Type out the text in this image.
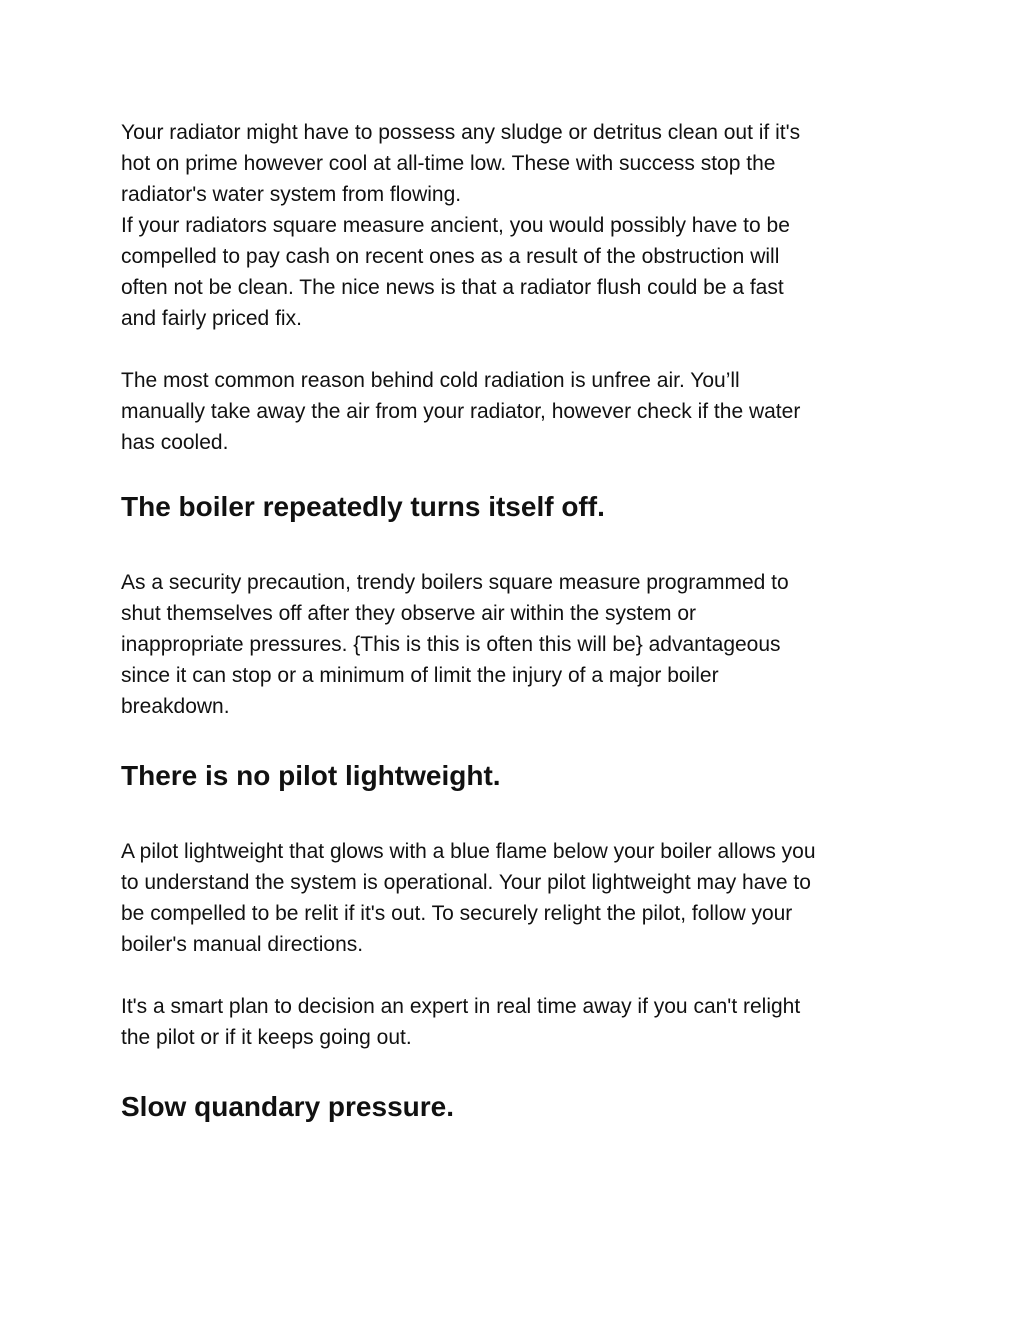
Your radiator might have to possess any sludge or detritus clean out if it's
hot on prime however cool at all-time low. These with success stop the
radiator's water system from flowing.
If your radiators square measure ancient, you would possibly have to be
compelled to pay cash on recent ones as a result of the obstruction will
often not be clean. The nice news is that a radiator flush could be a fast
and fairly priced fix.

The most common reason behind cold radiation is unfree air. You’ll
manually take away the air from your radiator, however check if the water
has cooled.

The boiler repeatedly turns itself off.

As a security precaution, trendy boilers square measure programmed to
shut themselves off after they observe air within the system or
inappropriate pressures. {This is this is often this will be} advantageous
since it can stop or a minimum of limit the injury of a major boiler
breakdown.

There is no pilot lightweight.

A pilot lightweight that glows with a blue flame below your boiler allows you
to understand the system is operational. Your pilot lightweight may have to
be compelled to be relit if it's out. To securely relight the pilot, follow your
boiler's manual directions.

It's a smart plan to decision an expert in real time away if you can't relight
the pilot or if it keeps going out.

Slow quandary pressure.
